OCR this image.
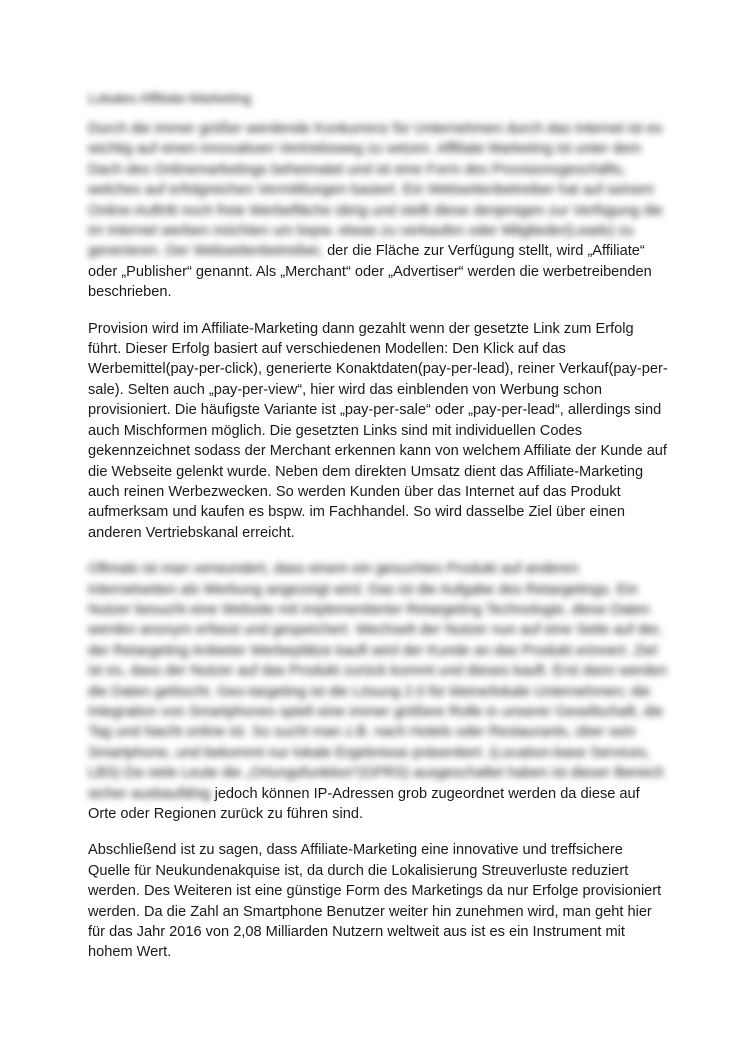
Lokales Affiliate-Marketing

Durch die immer größer werdende Konkurrenz für Unternehmen durch das Internet ist es wichtig auf einen innovativen Vertriebsweg zu setzen. Affiliate Marketing ist unter dem Dach des Onlinemarketings beheimatet und ist eine Form des Provisionsgeschäfts, welches auf erfolgreichen Vermittlungen basiert. Ein Webseitenbetreiber hat auf seinem Online-Auftritt noch freie Werbefläche übrig und stellt diese denjenigen zur Verfügung die im Internet werben möchten um bspw. etwas zu verkaufen oder Mitglieder(Leads) zu generieren. Der Webseitenbetreiber, der die Fläche zur Verfügung stellt, wird „Affiliate“ oder „Publisher“ genannt. Als „Merchant“ oder „Advertiser“ werden die werbetreibenden beschrieben.

Provision wird im Affiliate-Marketing dann gezahlt wenn der gesetzte Link zum Erfolg führt. Dieser Erfolg basiert auf verschiedenen Modellen: Den Klick auf das Werbemittel(pay-per-click), generierte Konaktdaten(pay-per-lead), reiner Verkauf(pay-per-sale). Selten auch „pay-per-view“, hier wird das einblenden von Werbung schon provisioniert. Die häufigste Variante ist „pay-per-sale“ oder „pay-per-lead“, allerdings sind auch Mischformen möglich. Die gesetzten Links sind mit individuellen Codes gekennzeichnet sodass der Merchant erkennen kann von welchem Affiliate der Kunde auf die Webseite gelenkt wurde. Neben dem direkten Umsatz dient das Affiliate-Marketing auch reinen Werbezwecken. So werden Kunden über das Internet auf das Produkt aufmerksam und kaufen es bspw. im Fachhandel. So wird dasselbe Ziel über einen anderen Vertriebskanal erreicht.

Oftmals ist man verwundert, dass einem ein gesuchtes Produkt auf anderen Internetseiten als Werbung angezeigt wird. Das ist die Aufgabe des Retargetings. Ein Nutzer besucht eine Website mit implementierter Retargeting Technologie, diese Daten werden anonym erfasst und gespeichert. Wechselt der Nutzer nun auf eine Seite auf der, der Retargeting Anbieter Werbeplätze kauft wird der Kunde an das Produkt erinnert. Ziel ist es, dass der Nutzer auf das Produkt zurück kommt und dieses kauft. Erst dann werden die Daten gelöscht. Geo-targeting ist die Lösung 2.0 für kleine/lokale Unternehmen; die Integration von Smartphones spielt eine immer größere Rolle in unserer Gesellschaft, die Tag und Nacht online ist. So sucht man z.B. nach Hotels oder Restaurants, über sein Smartphone, und bekommt nur lokale Ergebnisse präsentiert. (Location-base Services, LBS) Da viele Leute die „Ortungsfunktion“(GPRS) ausgeschaltet haben ist dieser Bereich sicher ausbaufähig jedoch können IP-Adressen grob zugeordnet werden da diese auf Orte oder Regionen zurück zu führen sind.

Abschließend ist zu sagen, dass Affiliate-Marketing eine innovative und treffsichere Quelle für Neukundenakquise ist, da durch die Lokalisierung Streuverluste reduziert werden. Des Weiteren ist eine günstige Form des Marketings da nur Erfolge provisioniert werden. Da die Zahl an Smartphone Benutzer weiter hin zunehmen wird, man geht hier für das Jahr 2016 von 2,08 Milliarden Nutzern weltweit aus ist es ein Instrument mit hohem Wert.
